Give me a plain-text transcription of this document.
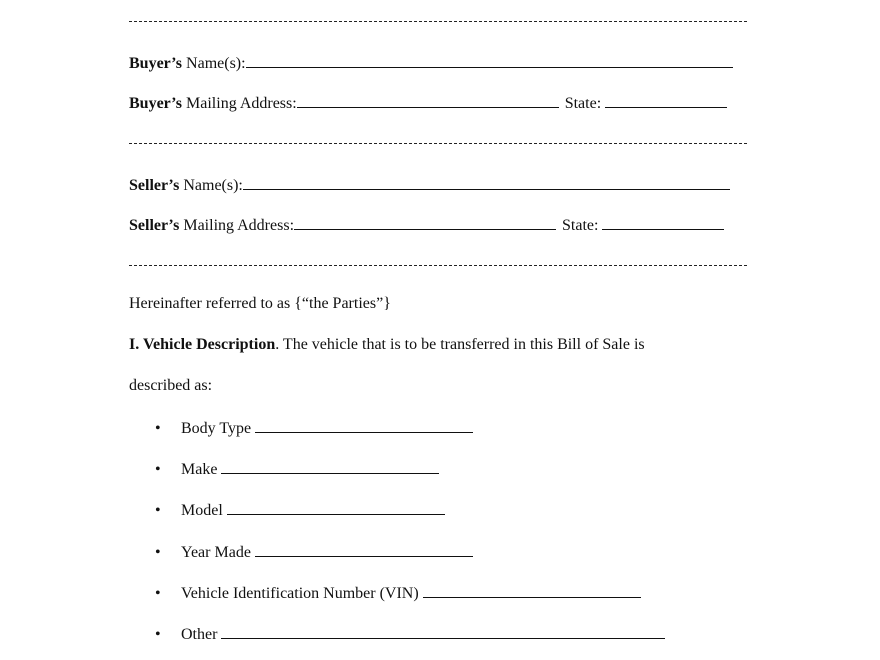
Buyer’s Name(s):
Buyer’s Mailing Address:	State:
Seller’s Name(s):
Seller’s Mailing Address:	State:
Hereinafter referred to as {“the Parties”}
I. Vehicle Description. The vehicle that is to be transferred in this Bill of Sale is
described as:
• Body Type
• Make
• Model
• Year Made
• Vehicle Identification Number (VIN)
• Other
